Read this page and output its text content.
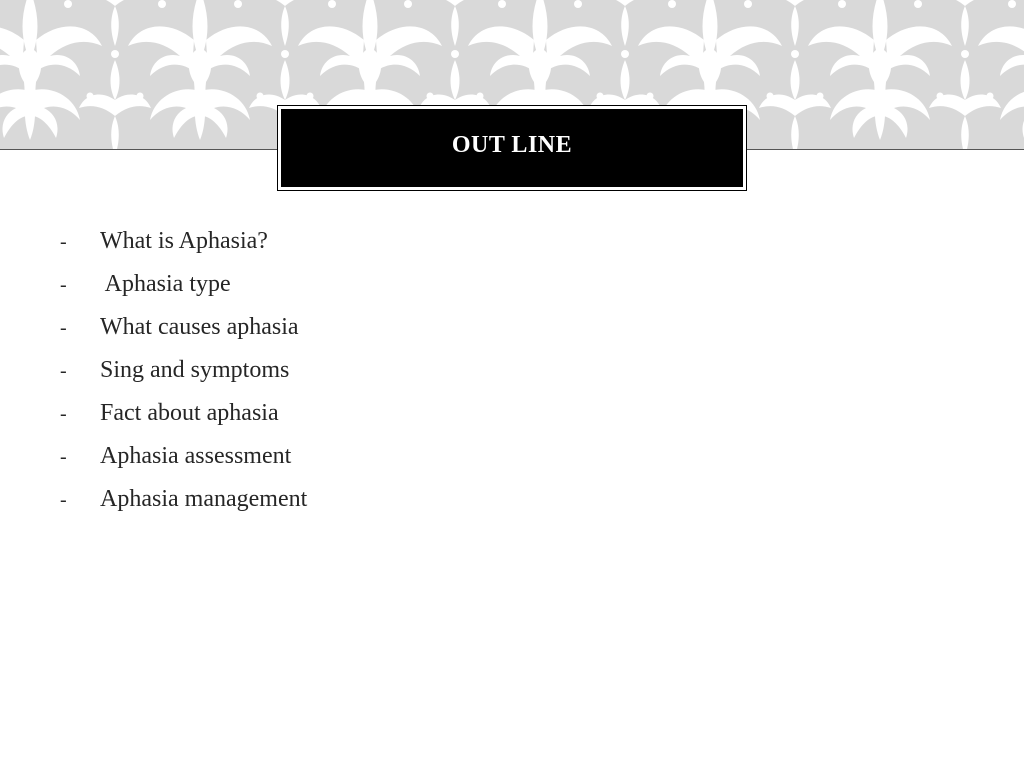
OUT LINE
-	What is Aphasia?
-	Aphasia type
-	What causes aphasia
-	Sing and symptoms
-	Fact about aphasia
-	Aphasia assessment
-	Aphasia management
